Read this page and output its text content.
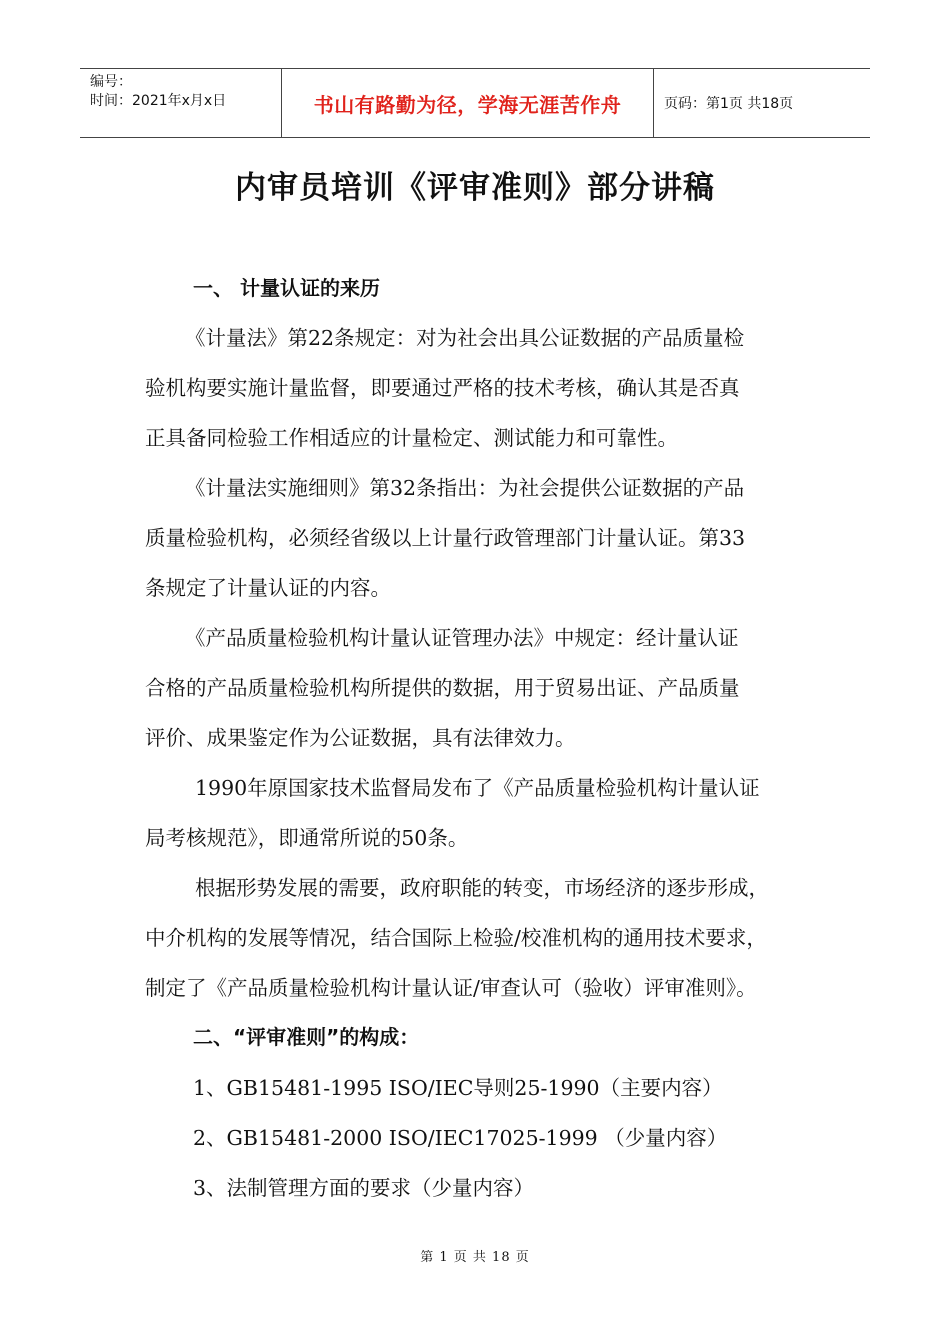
编号：
时间：2021年x月x日	书山有路勤为径，学海无涯苦作舟	页码：第1页 共18页
内审员培训《评审准则》部分讲稿
一、 计量认证的来历
《计量法》第22条规定：对为社会出具公证数据的产品质量检
验机构要实施计量监督，即要通过严格的技术考核，确认其是否真
正具备同检验工作相适应的计量检定、测试能力和可靠性。
《计量法实施细则》第32条指出：为社会提供公证数据的产品
质量检验机构，必须经省级以上计量行政管理部门计量认证。第33
条规定了计量认证的内容。
《产品质量检验机构计量认证管理办法》中规定：经计量认证
合格的产品质量检验机构所提供的数据，用于贸易出证、产品质量
评价、成果鉴定作为公证数据，具有法律效力。
1990年原国家技术监督局发布了《产品质量检验机构计量认证
局考核规范》，即通常所说的50条。
根据形势发展的需要，政府职能的转变，市场经济的逐步形成，
中介机构的发展等情况，结合国际上检验/校准机构的通用技术要求，
制定了《产品质量检验机构计量认证/审查认可（验收）评审准则》。
二、“评审准则”的构成：
1、GB15481-1995 ISO/IEC导则25-1990（主要内容）
2、GB15481-2000 ISO/IEC17025-1999 （少量内容）
3、法制管理方面的要求（少量内容）
第 1 页 共 18 页
